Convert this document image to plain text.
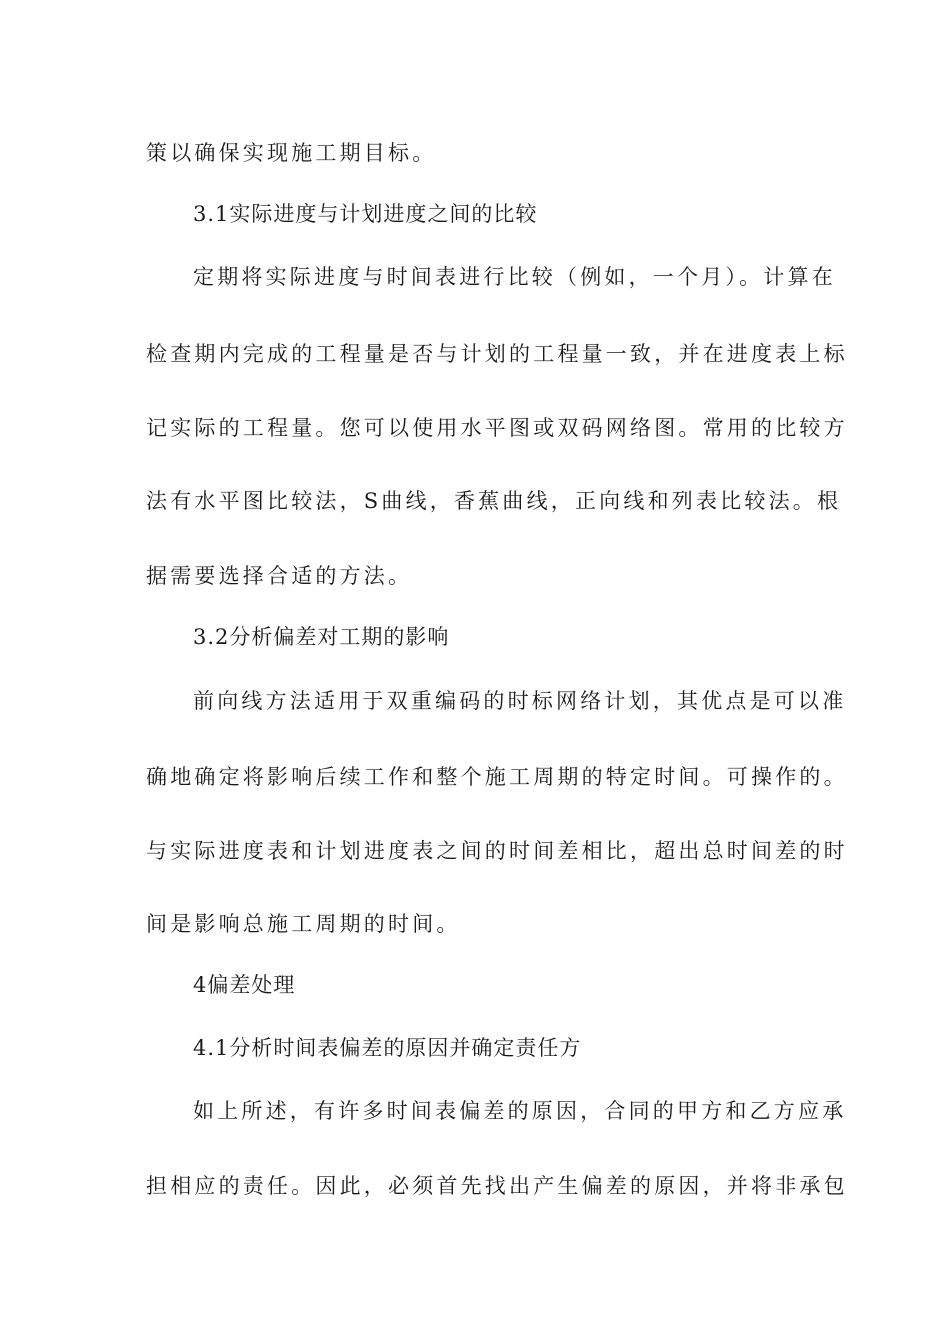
策以确保实现施工期目标。
3.1实际进度与计划进度之间的比较
定期将实际进度与时间表进行比较（例如，一个月）。计算在
检查期内完成的工程量是否与计划的工程量一致，并在进度表上标
记实际的工程量。您可以使用水平图或双码网络图。常用的比较方
法有水平图比较法，S曲线，香蕉曲线，正向线和列表比较法。根
据需要选择合适的方法。
3.2分析偏差对工期的影响
前向线方法适用于双重编码的时标网络计划，其优点是可以准
确地确定将影响后续工作和整个施工周期的特定时间。可操作的。
与实际进度表和计划进度表之间的时间差相比，超出总时间差的时
间是影响总施工周期的时间。
4偏差处理
4.1分析时间表偏差的原因并确定责任方
如上所述，有许多时间表偏差的原因，合同的甲方和乙方应承
担相应的责任。因此，必须首先找出产生偏差的原因，并将非承包
